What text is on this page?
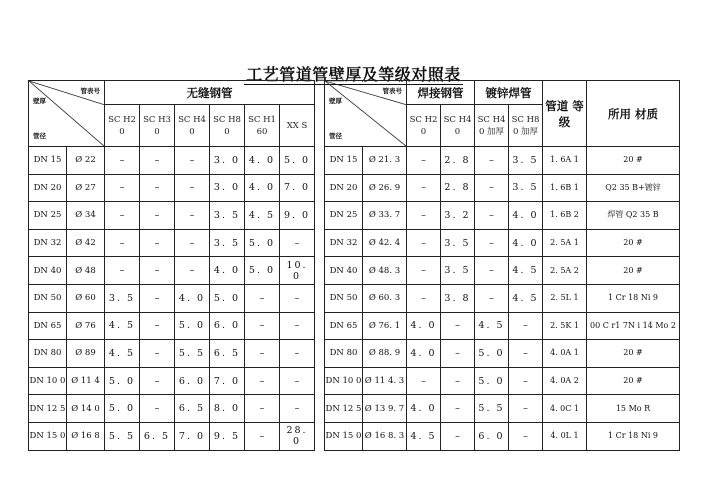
工艺管道管壁厚及等级对照表
管表号
壁厚
管径		无缝钢管					
		SC H2 0	SC H3 0	SC H4 0	SC H8 0	SC H1 60	XX S
DN 15	Ø 22	–	–	–	3. 0	4. 0	5. 0
DN 20	Ø 27	–	–	–	3. 0	4. 0	7. 0
DN 25	Ø 34	–	–	–	3. 5	4. 5	9. 0
DN 32	Ø 42	–	–	–	3. 5	5. 0	–
DN 40	Ø 48	–	–	–	4. 0	5. 0	10. 0
DN 50	Ø 60	3. 5	–	4. 0	5. 0	–	–
DN 65	Ø 76	4. 5	–	5. 0	6. 0	–	–
DN 80	Ø 89	4. 5	–	5. 5	6. 5	–	–
DN 10 0	Ø 11 4	5. 0	–	6. 0	7. 0	–	–
DN 12 5	Ø 14 0	5. 0	–	6. 5	8. 0	–	–
DN 15 0	Ø 16 8	5. 5	6. 5	7. 0	9. 5	–	28. 0
管表号
壁厚
管径		焊接钢管		镀锌焊管		管道 等级	所用 材质
		SC H2 0	SC H4 0	SC H4 0 加厚	SC H8 0 加厚		
DN 15	Ø 21. 3	–	2. 8	–	3. 5	1. 6A 1	20 #
DN 20	Ø 26. 9	–	2. 8	–	3. 5	1. 6B 1	Q2 35 B+镀锌
DN 25	Ø 33. 7	–	3. 2	–	4. 0	1. 6B 2	焊管 Q2 35 B
DN 32	Ø 42. 4	–	3. 5	–	4. 0	2. 5A 1	20 #
DN 40	Ø 48. 3	–	3. 5	–	4. 5	2. 5A 2	20 #
DN 50	Ø 60. 3	–	3. 8	–	4. 5	2. 5L 1	1 Cr 18 Ni 9
DN 65	Ø 76. 1	4. 0	–	4. 5	–	2. 5K 1	00 C r1 7N i 14 Mo 2
DN 80	Ø 88. 9	4. 0	–	5. 0	–	4. 0A 1	20 #
DN 10 0	Ø 11 4. 3	–	–	5. 0	–	4. 0A 2	20 #
DN 12 5	Ø 13 9. 7	4. 0	–	5. 5	–	4. 0C 1	15 Mo R
DN 15 0	Ø 16 8. 3	4. 5	–	6. 0	–	4. 0L 1	1 Cr 18 Ni 9
